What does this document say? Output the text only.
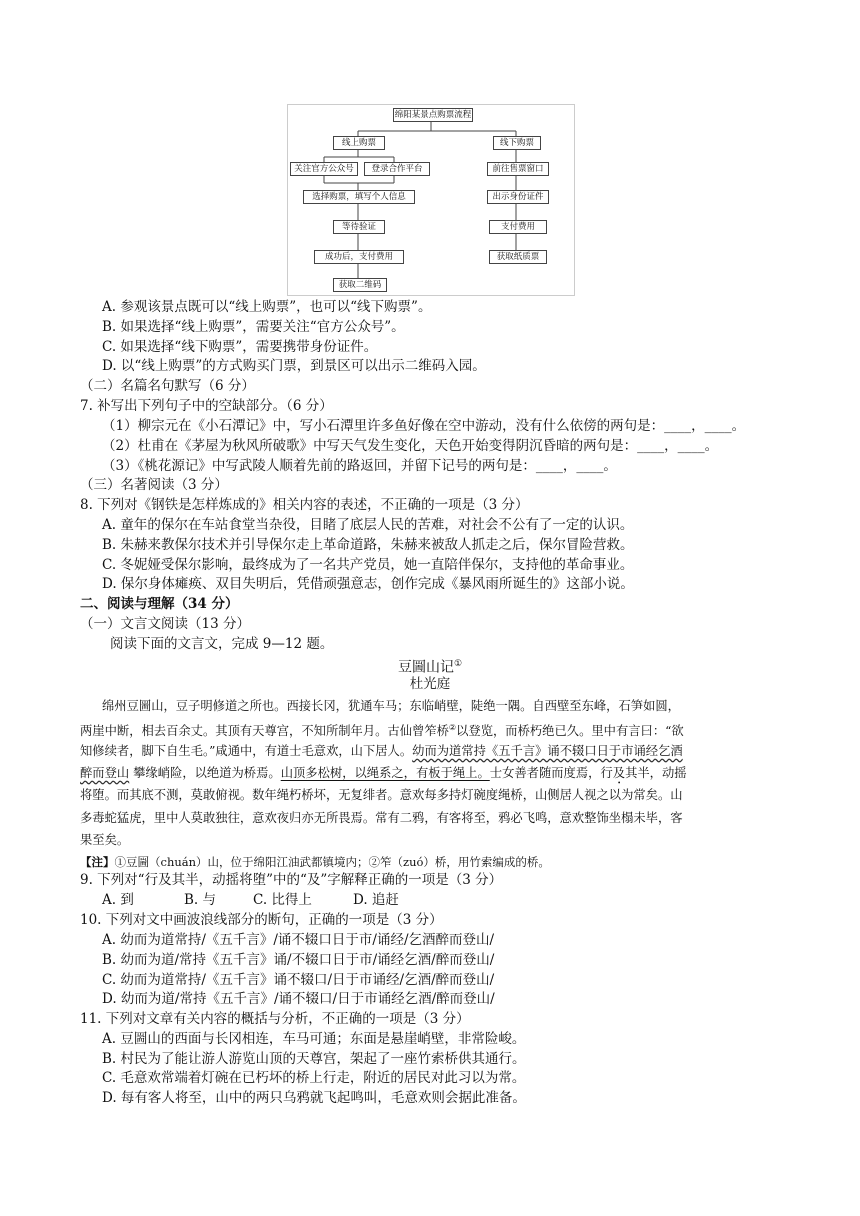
绵阳某景点购票流程
线上购票	线下购票
关注官方公众号	登录合作平台	前往售票窗口
选择购票，填写个人信息	出示身份证件
等待验证	支付费用
成功后，支付费用	获取纸质票
获取二维码
A. 参观该景点既可以“线上购票”，也可以“线下购票”。
B. 如果选择“线上购票”，需要关注“官方公众号”。
C. 如果选择“线下购票”，需要携带身份证件。
D. 以“线上购票”的方式购买门票，到景区可以出示二维码入园。
（二）名篇名句默写（6 分）
7. 补写出下列句子中的空缺部分。（6 分）
（1）柳宗元在《小石潭记》中，写小石潭里许多鱼好像在空中游动，没有什么依傍的两句是：____，____。
（2）杜甫在《茅屋为秋风所破歌》中写天气发生变化，天色开始变得阴沉昏暗的两句是：____，____。
（3）《桃花源记》中写武陵人顺着先前的路返回，并留下记号的两句是：____，____。
（三）名著阅读（3 分）
8. 下列对《钢铁是怎样炼成的》相关内容的表述，不正确的一项是（3 分）
A. 童年的保尔在车站食堂当杂役，目睹了底层人民的苦难，对社会不公有了一定的认识。
B. 朱赫来教保尔技术并引导保尔走上革命道路，朱赫来被敌人抓走之后，保尔冒险营救。
C. 冬妮娅受保尔影响，最终成为了一名共产党员，她一直陪伴保尔，支持他的革命事业。
D. 保尔身体瘫痪、双目失明后，凭借顽强意志，创作完成《暴风雨所诞生的》这部小说。
二、阅读与理解（34 分）
（一）文言文阅读（13 分）
阅读下面的文言文，完成 9—12 题。
豆圌山记①
杜光庭
绵州豆圌山，豆子明修道之所也。西接长冈，犹通车马；东临峭壁，陡绝一隅。自西壁至东峰，石笋如圆，
两崖中断，相去百余丈。其顶有天尊宫，不知所制年月。古仙曾笮桥②以登览，而桥朽绝已久。里中有言曰：“欲
知修续者，脚下自生毛。”咸通中，有道士毛意欢，山下居人。幼而为道常持《五千言》诵不辍口日于市诵经乞酒
醉而登山 攀缘峭险，以绝道为桥焉。山顶多松树，以绳系之，有板于绳上。士女善者随而度焉，行及其半，动摇
将堕。而其底不测，莫敢俯视。数年绳朽桥坏，无复绯者。意欢每多持灯碗度绳桥，山侧居人视之以为常矣。山
多毒蛇猛虎，里中人莫敢独往，意欢夜归亦无所畏焉。常有二鸦，有客将至，鸦必飞鸣，意欢整饰坐榻未毕，客
果至矣。
【注】①豆圌（chuán）山，位于绵阳江油武都镇境内；②笮（zuó）桥，用竹索编成的桥。
9. 下列对“行及其半，动摇将堕”中的“及”字解释正确的一项是（3 分）
A. 到	B. 与	C. 比得上	D. 追赶
10. 下列对文中画波浪线部分的断句，正确的一项是（3 分）
A. 幼而为道常持/《五千言》/诵不辍口日于市/诵经/乞酒醉而登山/
B. 幼而为道/常持《五千言》诵/不辍口日于市/诵经乞酒/醉而登山/
C. 幼而为道常持/《五千言》诵不辍口/日于市诵经/乞酒/醉而登山/
D. 幼而为道/常持《五千言》/诵不辍口/日于市诵经乞酒/醉而登山/
11. 下列对文章有关内容的概括与分析，不正确的一项是（3 分）
A. 豆圌山的西面与长冈相连，车马可通；东面是悬崖峭壁，非常险峻。
B. 村民为了能让游人游览山顶的天尊宫，架起了一座竹索桥供其通行。
C. 毛意欢常端着灯碗在已朽坏的桥上行走，附近的居民对此习以为常。
D. 每有客人将至，山中的两只乌鸦就飞起鸣叫，毛意欢则会据此准备。
